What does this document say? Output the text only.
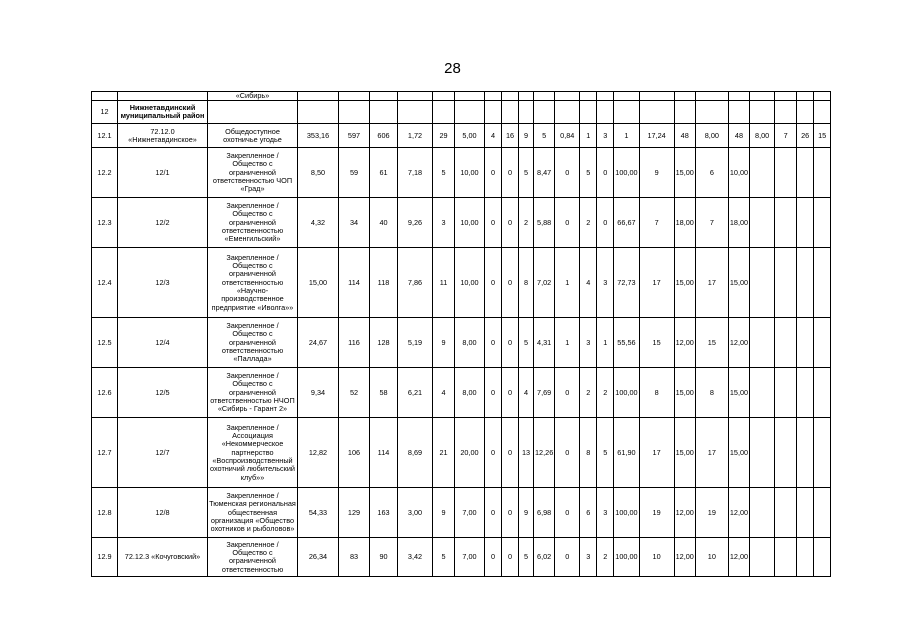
28
		«Сибирь»																						
12	Нижнетавдинский муниципальный район																							
12.1	72.12.0 «Нижнетавдинское»	Общедоступное охотничье угодье	353,16	597	606	1,72	29	5,00	4	16	9	5	0,84	1	3	1	17,24	48	8,00	48	8,00	7	26	15
12.2	12/1	Закрепленное / Общество с ограниченной ответственностью ЧОП «Град»	8,50	59	61	7,18	5	10,00	0	0	5	8,47	0	5	0	100,00	9	15,00	6	10,00				
12.3	12/2	Закрепленное / Общество с ограниченной ответственностью «Еменгильский»	4,32	34	40	9,26	3	10,00	0	0	2	5,88	0	2	0	66,67	7	18,00	7	18,00				
12.4	12/3	Закрепленное / Общество с ограниченной ответственностью «Научно-производственное предприятие «Иволга»»	15,00	114	118	7,86	11	10,00	0	0	8	7,02	1	4	3	72,73	17	15,00	17	15,00				
12.5	12/4	Закрепленное / Общество с ограниченной ответственностью «Паллада»	24,67	116	128	5,19	9	8,00	0	0	5	4,31	1	3	1	55,56	15	12,00	15	12,00				
12.6	12/5	Закрепленное / Общество с ограниченной ответственностью НЧОП «Сибирь - Гарант 2»	9,34	52	58	6,21	4	8,00	0	0	4	7,69	0	2	2	100,00	8	15,00	8	15,00				
12.7	12/7	Закрепленное / Ассоциация «Некоммерческое партнерство «Воспроизводственный охотничий любительский клуб»»	12,82	106	114	8,69	21	20,00	0	0	13	12,26	0	8	5	61,90	17	15,00	17	15,00				
12.8	12/8	Закрепленное / Тюменская региональная общественная организация «Общество охотников и рыболовов»	54,33	129	163	3,00	9	7,00	0	0	9	6,98	0	6	3	100,00	19	12,00	19	12,00				
12.9	72.12.3 «Кочуговский»	Закрепленное / Общество с ограниченной ответственностью	26,34	83	90	3,42	5	7,00	0	0	5	6,02	0	3	2	100,00	10	12,00	10	12,00				
